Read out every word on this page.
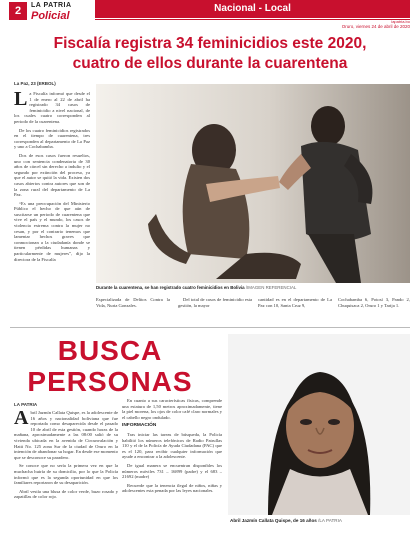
2	LA PATRIA
Policial
Nacional - Local
lapatria.bo
Oruro, viernes 24 de abril de 2020
Fiscalía registra 34 feminicidios este 2020,
cuatro de ellos durante la cuarentena
La Paz, 23 (ERBOL)

La Fiscalía informó que desde el 1 de enero al 22 de abril ha registrado 34 casos de feminicidio a nivel nacional, de los cuales cuatro corresponden al periodo de la cuarentena.

De los cuatro feminicidios registrados en el tiempo de cuarentena, tres corresponden al departamento de La Paz y uno a Cochabamba.

Dos de esos casos fueron resueltos, uno con sentencia condenatoria de 30 años de cárcel sin derecho a indulto y el segundo por extinción del proceso, ya que el autor se quitó la vida. Existen dos casos abiertos contra autores que son de la zona rural del departamento de La Paz.

“Es una preocupación del Ministerio Público el hecho de que aún de suscitarse un periodo de cuarentena que vive el país y el mundo, los casos de violencia extrema contra la mujer no cesan, y por el contrario tenemos que lamentar hechos graves que conmocionan a la ciudadanía donde se tienen pérdidas humanas y particularmente de mujeres”, dijo la directora de la Fiscalía

Durante la cuarentena, se han registrado cuatro feminicidios en Bolivia /IMAGEN REFERENCIAL

Especializada de Delitos Contra la Vida, Nuria Gonzales.

Del total de casos de feminicidio esta gestión, la mayor

cantidad es en el departamento de La Paz con 10, Santa Cruz 9,

Cochabamba 6, Potosí 3, Pando 2, Chuquisaca 2, Oruro 1 y Tarija 1.

BUSCA
PERSONAS
LA PATRIA

Abril Jazmín Callata Quispe, es la adolescente de 16 años y nacionalidad boliviana que fue reportada como desaparecida desde el pasado 10 de abril de esta gestión, cuando horas de la mañana, aproximadamente a las 08:00 salió de su vivienda ubicada en la avenida de Circunvalación y Hatti No. 125 zona Sur de la ciudad de Oruro en la intención de abandonar su hogar. En desde ese momento que se desconoce su paradero.

Se conoce que no sería la primera vez en que la muchacha huiría de su domicilio, por lo que la Policía informó que es la segunda oportunidad en que los familiares reportaron de su desaparición.

Abril vestía una blusa de color verde, buzo rosado y zapatillas de color rojo.

En cuanto a sus características físicas, comprende una estatura de 1,50 metros aproximadamente, tiene la piel morena, los ojos de color café claro normales y el cabello negro ondulado.

INFORMACIÓN

Tras iniciar las tareas de búsqueda, la Policía habilitó los números telefónicos de Radio Patrullas 110 y el de la Policía de Ayuda Ciudadana (PAC) que es el 120, para recibir cualquier información que ayude a encontrar a la adolescente.

De igual manera se encuentran disponibles los números móviles 731 – 16899 (padre) y el 683 – 21692 (madre)

Recuerde que la tenencia ilegal de niños, niñas y adolescentes esta penada por las leyes nacionales.

Abril Jazmín Callata Quispe, de 16 años /LA PATRIA
